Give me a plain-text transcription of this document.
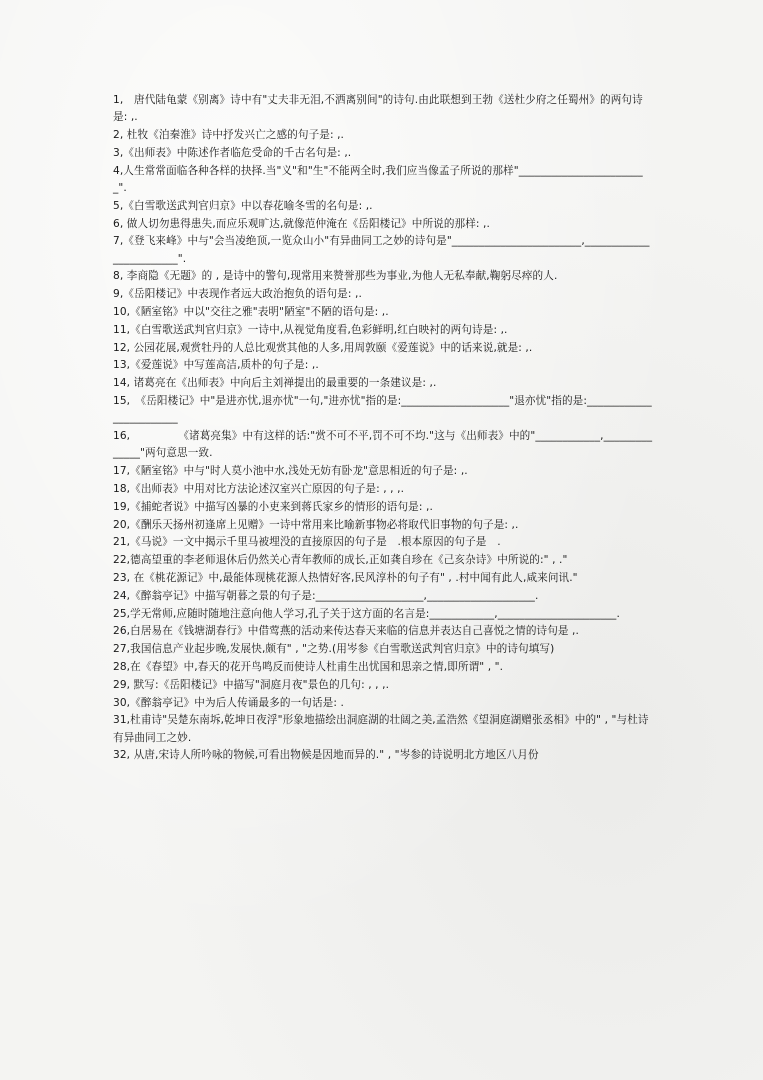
1,　唐代陆龟蒙《别离》诗中有"丈夫非无泪,不洒离别间"的诗句.由此联想到王勃《送杜少府之任蜀州》的两句诗是: ,.

2, 杜牧《泊秦淮》诗中抒发兴亡之感的句子是: ,.

3,《出师表》中陈述作者临危受命的千古名句是: ,.

4,人生常常面临各种各样的抉择.当"义"和"生"不能两全时,我们应当像孟子所说的那样"________________________".

5,《白雪歌送武判官归京》中以春花喻冬雪的名句是: ,.

6, 做人切勿患得患失,而应乐观旷达,就像范仲淹在《岳阳楼记》中所说的那样: ,.

7,《登飞来峰》中与"会当凌绝顶,一览众山小"有异曲同工之妙的诗句是"________________________,________________________".

8, 李商隐《无题》的 , 是诗中的警句,现常用来赞誉那些为事业,为他人无私奉献,鞠躬尽瘁的人.

9,《岳阳楼记》中表现作者远大政治抱负的语句是: ,.

10,《陋室铭》中以"交往之雅"表明"陋室"不陋的语句是: ,.

11,《白雪歌送武判官归京》一诗中,从视觉角度看,色彩鲜明,红白映衬的两句诗是: ,.

12, 公园花展,观赏牡丹的人总比观赏其他的人多,用周敦颐《爱莲说》中的话来说,就是: ,.

13,《爱莲说》中写莲高洁,质朴的句子是: ,.

14, 诸葛亮在《出师表》中向后主刘禅提出的最重要的一条建议是: ,.

15,　《岳阳楼记》中"是进亦忧,退亦忧"一句,"进亦忧"指的是:____________________"退亦忧"指的是:________________________

16,　　　　　《诸葛亮集》中有这样的话:"赏不可不平,罚不可不均."这与《出师表》中的"____________,______________"两句意思一致.

17,《陋室铭》中与"时人莫小池中水,浅处无妨有卧龙"意思相近的句子是: ,.

18,《出师表》中用对比方法论述汉室兴亡原因的句子是: , , ,.

19,《捕蛇者说》中描写凶暴的小吏来到蒋氏家乡的情形的语句是: ,.

20,《酬乐天扬州初逢席上见赠》一诗中常用来比喻新事物必将取代旧事物的句子是: ,.

21,《马说》一文中揭示千里马被埋没的直接原因的句子是　.根本原因的句子是　.

22,德高望重的李老师退休后仍然关心青年教师的成长,正如龚自珍在《己亥杂诗》中所说的:" , ."

23, 在《桃花源记》中,最能体现桃花源人热情好客,民风淳朴的句子有" , .村中闻有此人,咸来问讯."

24,《醉翁亭记》中描写朝暮之景的句子是:____________________,____________________.

25,学无常师,应随时随地注意向他人学习,孔子关于这方面的名言是:____________,______________________.

26,白居易在《钱塘湖春行》中借莺燕的活动来传达春天来临的信息并表达自己喜悦之情的诗句是 ,.

27,我国信息产业起步晚,发展快,颇有" , "之势.(用岑参《白雪歌送武判官归京》中的诗句填写)

28,在《春望》中,春天的花开鸟鸣反而使诗人杜甫生出忧国和思亲之情,即所谓" , ".

29, 默写:《岳阳楼记》中描写"洞庭月夜"景色的几句: , , ,.

30,《醉翁亭记》中为后人传诵最多的一句话是: .

31,杜甫诗"吴楚东南坼,乾坤日夜浮"形象地描绘出洞庭湖的壮阔之美,孟浩然《望洞庭湖赠张丞相》中的" , "与杜诗有异曲同工之妙.

32, 从唐,宋诗人所吟咏的物候,可看出物候是因地而异的." , "岑参的诗说明北方地区八月份
